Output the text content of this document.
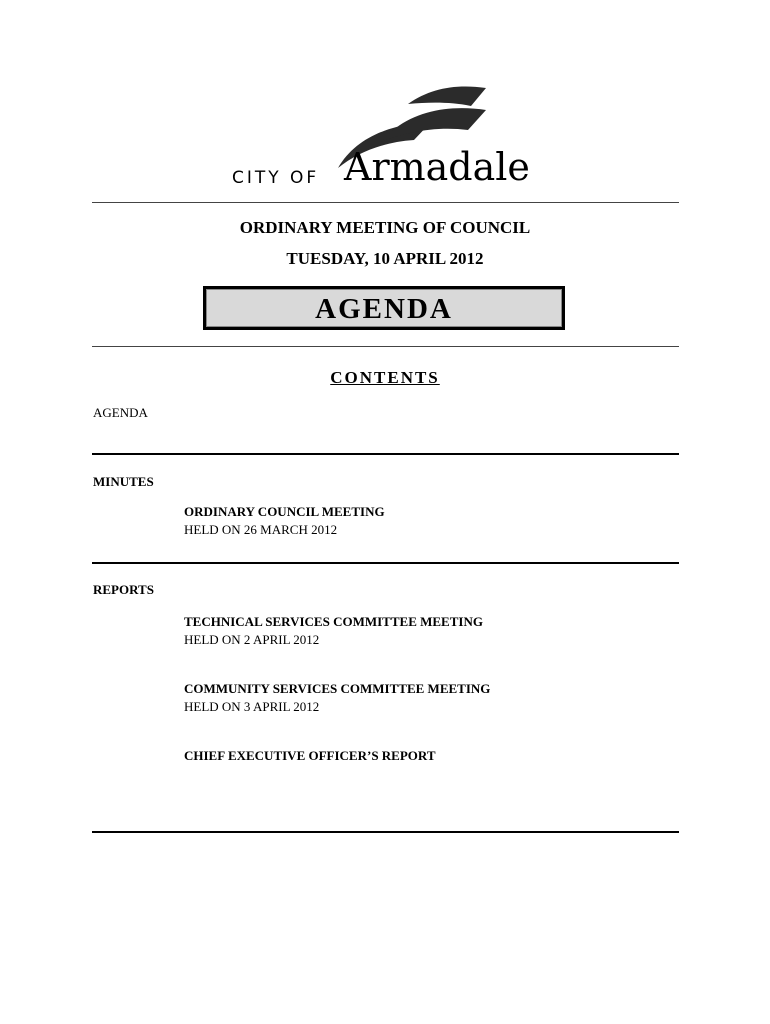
CITY OF Armadale
ORDINARY MEETING OF COUNCIL
TUESDAY, 10 APRIL 2012
AGENDA
CONTENTS
AGENDA
MINUTES
ORDINARY COUNCIL MEETING
HELD ON 26 MARCH 2012
REPORTS
TECHNICAL SERVICES COMMITTEE MEETING
HELD ON 2 APRIL 2012
COMMUNITY SERVICES COMMITTEE MEETING
HELD ON 3 APRIL 2012
CHIEF EXECUTIVE OFFICER’S REPORT
